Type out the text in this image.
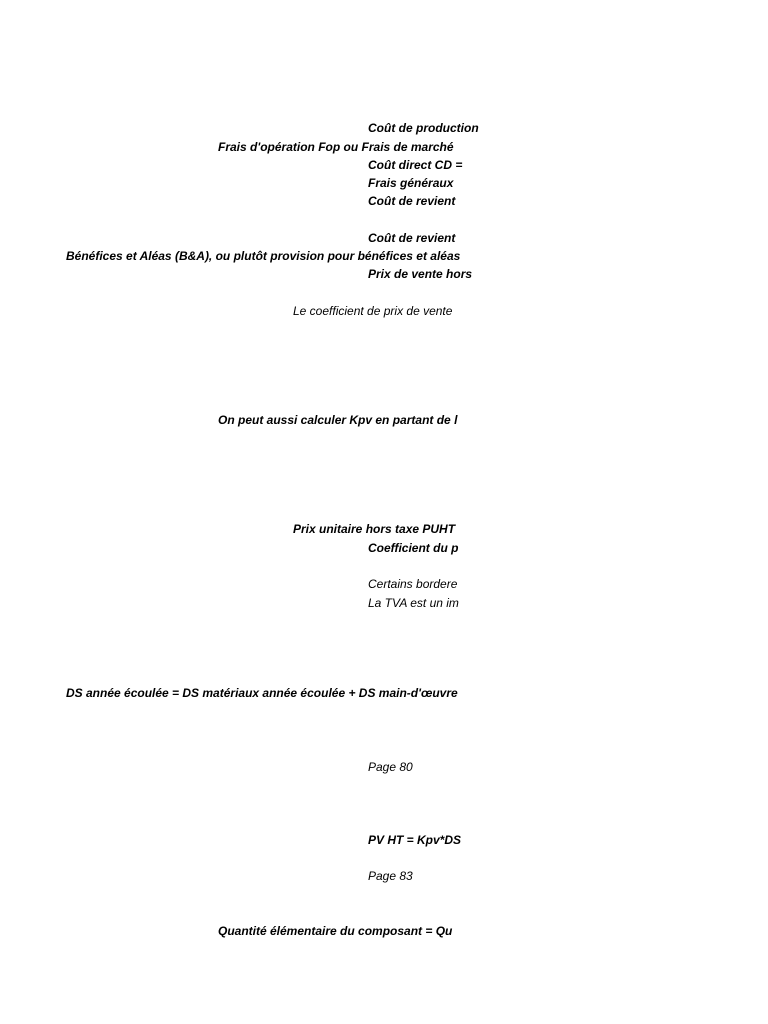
Coût de production
Frais d'opération Fop ou Frais de marché
Coût direct CD =
Frais généraux
Coût de revient
Coût de revient
Bénéfices et Aléas (B&A), ou plutôt provision pour bénéfices et aléas
Prix de vente hors
Le coefficient de prix de vente
On peut aussi calculer Kpv en partant de l
Prix unitaire hors taxe PUHT
Coefficient du p
Certains bordere
La TVA est un im
DS année écoulée = DS matériaux année écoulée + DS main-d'œuvre
Page 80
PV HT = Kpv*DS
Page 83
Quantité élémentaire du composant = Qu
